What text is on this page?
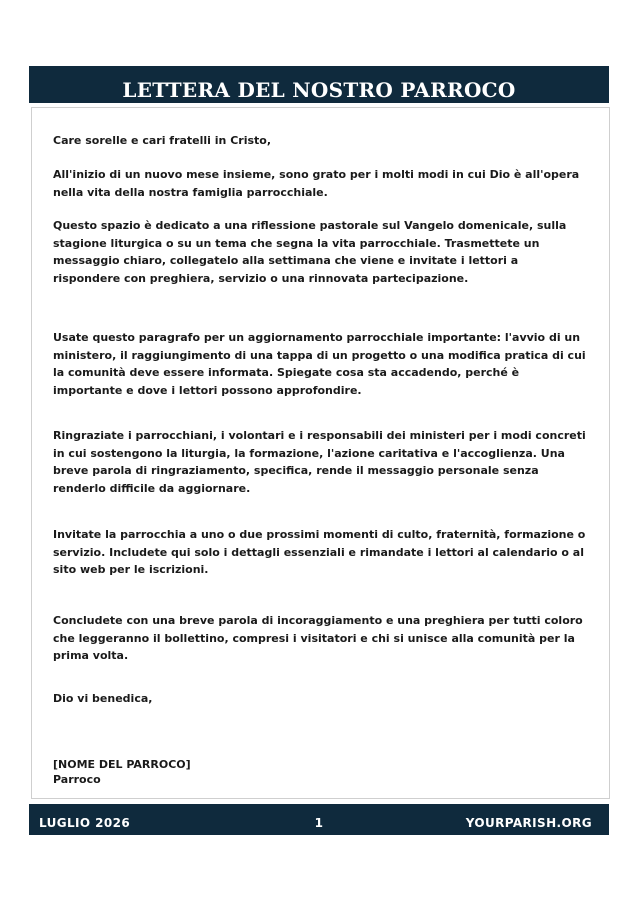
LETTERA DEL NOSTRO PARROCO

Care sorelle e cari fratelli in Cristo,

All'inizio di un nuovo mese insieme, sono grato per i molti modi in cui Dio è all'opera nella vita della nostra famiglia parrocchiale.

Questo spazio è dedicato a una riflessione pastorale sul Vangelo domenicale, sulla stagione liturgica o su un tema che segna la vita parrocchiale. Trasmettete un messaggio chiaro, collegatelo alla settimana che viene e invitate i lettori a rispondere con preghiera, servizio o una rinnovata partecipazione.

Usate questo paragrafo per un aggiornamento parrocchiale importante: l'avvio di un ministero, il raggiungimento di una tappa di un progetto o una modifica pratica di cui la comunità deve essere informata. Spiegate cosa sta accadendo, perché è importante e dove i lettori possono approfondire.

Ringraziate i parrocchiani, i volontari e i responsabili dei ministeri per i modi concreti in cui sostengono la liturgia, la formazione, l'azione caritativa e l'accoglienza. Una breve parola di ringraziamento, specifica, rende il messaggio personale senza renderlo difficile da aggiornare.

Invitate la parrocchia a uno o due prossimi momenti di culto, fraternità, formazione o servizio. Includete qui solo i dettagli essenziali e rimandate i lettori al calendario o al sito web per le iscrizioni.

Concludete con una breve parola di incoraggiamento e una preghiera per tutti coloro che leggeranno il bollettino, compresi i visitatori e chi si unisce alla comunità per la prima volta.

Dio vi benedica,

[NOME DEL PARROCO]

Parroco

LUGLIO 2026	1	YOURPARISH.ORG
